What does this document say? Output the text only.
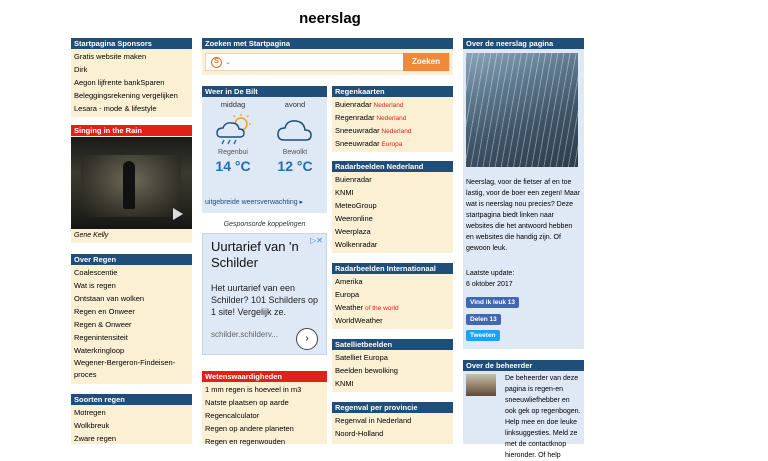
neerslag
Startpagina Sponsors
Gratis website maken
Dirk
Aegon lijfrente bankSparen
Beleggingsrekening vergelijken
Lesara - mode & lifestyle
Singing in the Rain
Gene Kelly
Over Regen
Coalescentie
Wat is regen
Ontstaan van wolken
Regen en Onweer
Regen & Onweer
Regenintensiteit
Waterkringloop
Wegener-Bergeron-Findeisen-proces
Soorten regen
Motregen
Wolkbreuk
Zware regen
Zoeken met Startpagina
S ⌄	Zoeken
Weer in De Bilt
middag
Regenbui
14 °C
avond
Bewolkt
12 °C
uitgebreide weersverwachting ▸
Gesponsorde koppelingen
▷✕
Uurtarief van 'n Schilder
Het uurtarief van een Schilder? 101 Schilders op 1 site! Vergelijk ze.
schilder.schilderv...	›
Wetenswaardigheden
1 mm regen is hoeveel in m3
Natste plaatsen op aarde
Regencalculator
Regen op andere planeten
Regen en regenwouden
Regenkaarten
Buienradar Nederland
Regenradar Nederland
Sneeuwradar Nederland
Sneeuwradar Europa
Radarbeelden Nederland
Buienradar
KNMI
MeteoGroup
Weeronline
Weerplaza
Wolkenradar
Radarbeelden Internationaal
Amerika
Europa
Weather of the world
WorldWeather
Satellietbeelden
Satelliet Europa
Beelden bewolking
KNMI
Regenval per provincie
Regenval in Nederland
Noord-Holland
Over de neerslag pagina
Neerslag, voor de fietser af en toe lastig, voor de boer een zegen! Maar wat is neerslag nou precies? Deze startpagina biedt linken naar websites die het antwoord hebben en websites die handig zijn. Of gewoon leuk.
Laatste update:
6 oktober 2017
Vind ik leuk 13
Delen 13
Tweeten
Over de beheerder
De beheerder van deze pagina is regen-en sneeuwliefhebber en ook gek op regenbogen. Help mee en doe leuke linksuggesties. Meld ze met de contactknop hieronder. Of help
